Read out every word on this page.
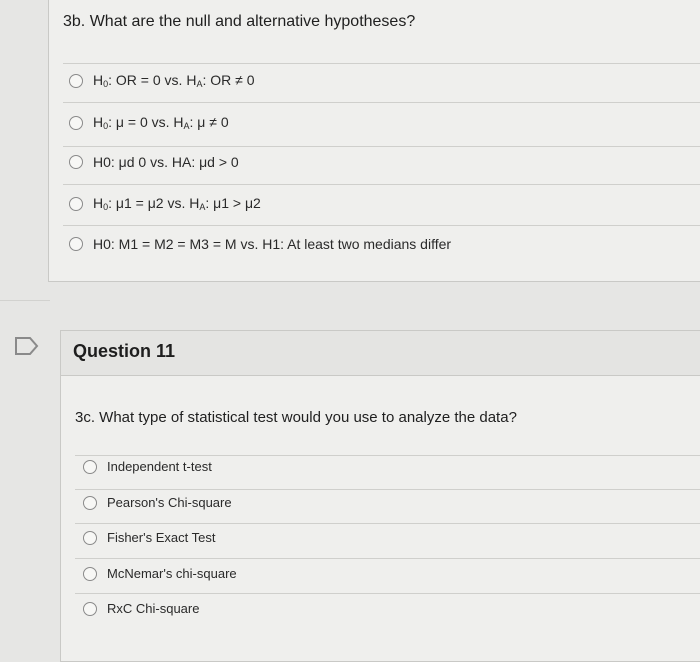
3b. What are the null and alternative hypotheses?
$H_0$: OR = 0 vs. $H_A$: OR ≠ 0
$H_0$: μ = 0 vs. $H_A$: μ ≠ 0
H0: μd 0 vs. HA: μd > 0
$H_0$: μ1 = μ2 vs. $H_A$: μ1 > μ2
H0: M1 = M2 = M3 = M vs. H1: At least two medians differ
Question 11
3c. What type of statistical test would you use to analyze the data?
Independent t-test
Pearson's Chi-square
Fisher's Exact Test
McNemar's chi-square
RxC Chi-square
